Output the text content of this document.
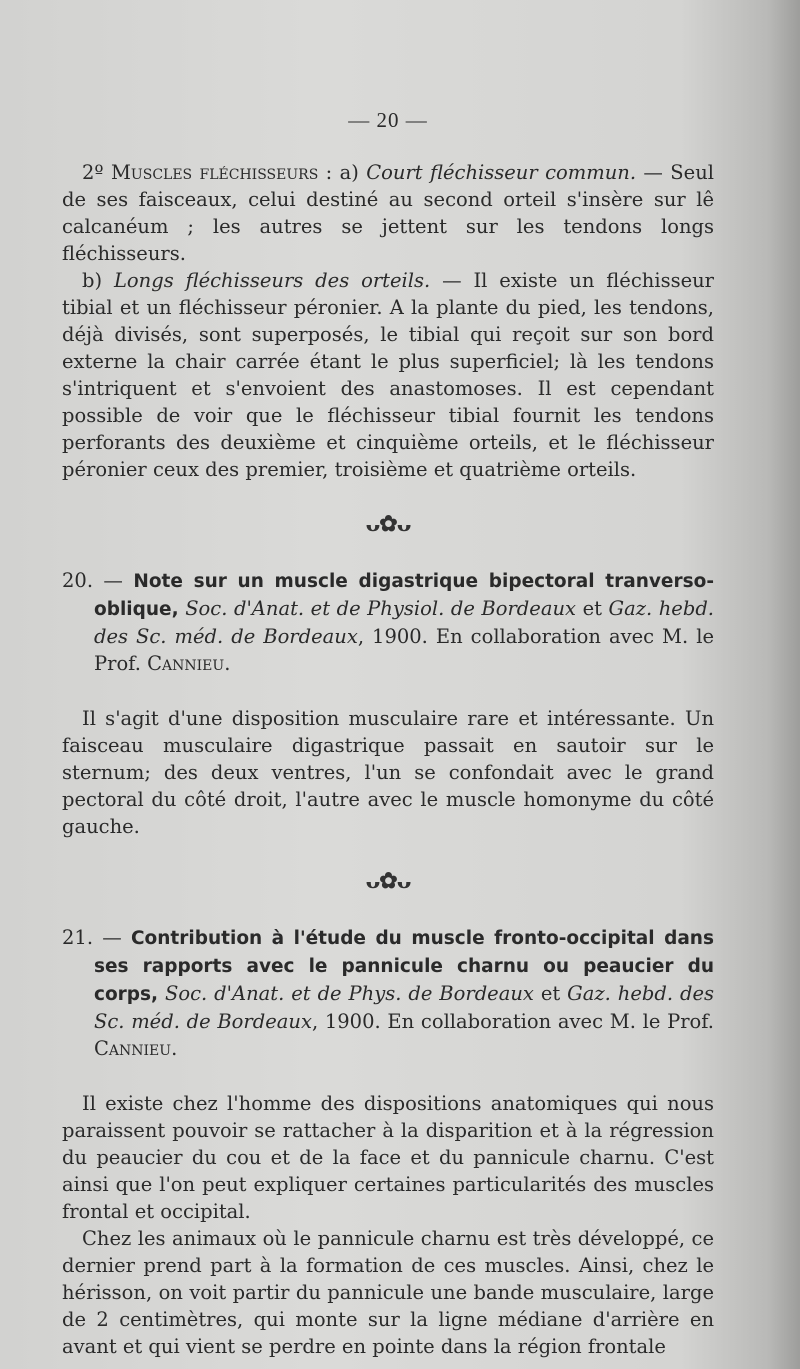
— 20 —

2º Muscles fléchisseurs : a) Court fléchisseur commun. — Seul de ses faisceaux, celui destiné au second orteil s'insère sur lê calcanéum ; les autres se jettent sur les tendons longs fléchisseurs.

b) Longs fléchisseurs des orteils. — Il existe un fléchisseur tibial et un fléchisseur péronier. A la plante du pied, les tendons, déjà divisés, sont superposés, le tibial qui reçoit sur son bord externe la chair carrée étant le plus superficiel; là les tendons s'intriquent et s'envoient des anastomoses. Il est cependant possible de voir que le fléchisseur tibial fournit les tendons perforants des deuxième et cinquième orteils, et le fléchisseur péronier ceux des premier, troisième et quatrième orteils.

ᴗ✿ᴗ

20. — Note sur un muscle digastrique bipectoral tranverso-oblique, Soc. d'Anat. et de Physiol. de Bordeaux et Gaz. hebd. des Sc. méd. de Bordeaux, 1900. En collaboration avec M. le Prof. Cannieu.

Il s'agit d'une disposition musculaire rare et intéressante. Un faisceau musculaire digastrique passait en sautoir sur le sternum; des deux ventres, l'un se confondait avec le grand pectoral du côté droit, l'autre avec le muscle homonyme du côté gauche.

ᴗ✿ᴗ

21. — Contribution à l'étude du muscle fronto-occipital dans ses rapports avec le pannicule charnu ou peaucier du corps, Soc. d'Anat. et de Phys. de Bordeaux et Gaz. hebd. des Sc. méd. de Bordeaux, 1900. En collaboration avec M. le Prof. Cannieu.

Il existe chez l'homme des dispositions anatomiques qui nous paraissent pouvoir se rattacher à la disparition et à la régression du peaucier du cou et de la face et du pannicule charnu. C'est ainsi que l'on peut expliquer certaines particularités des muscles frontal et occipital.

Chez les animaux où le pannicule charnu est très développé, ce dernier prend part à la formation de ces muscles. Ainsi, chez le hérisson, on voit partir du pannicule une bande musculaire, large de 2 centimètres, qui monte sur la ligne médiane d'arrière en avant et qui vient se perdre en pointe dans la région frontale
